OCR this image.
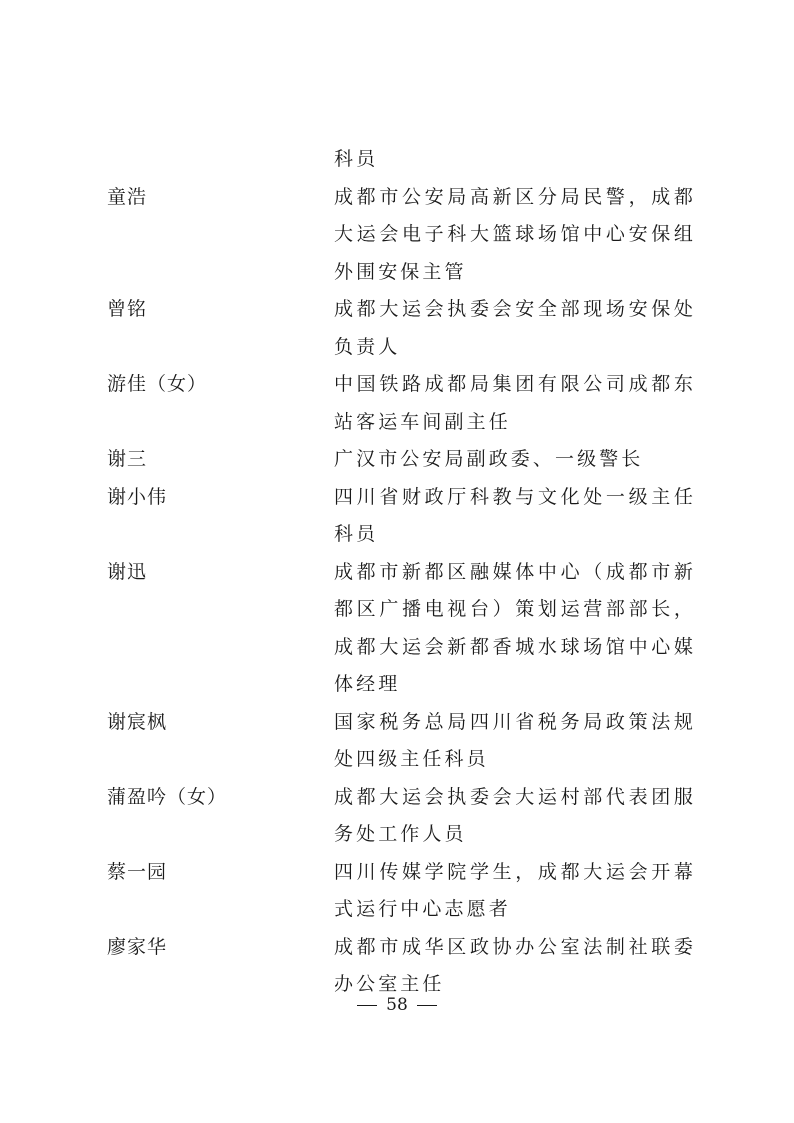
科员
童浩	成都市公安局高新区分局民警，成都大运会电子科大篮球场馆中心安保组外围安保主管
曾铭	成都大运会执委会安全部现场安保处负责人
游佳（女）	中国铁路成都局集团有限公司成都东站客运车间副主任
谢三	广汉市公安局副政委、一级警长
谢小伟	四川省财政厅科教与文化处一级主任科员
谢迅	成都市新都区融媒体中心（成都市新都区广播电视台）策划运营部部长，成都大运会新都香城水球场馆中心媒体经理
谢宸枫	国家税务总局四川省税务局政策法规处四级主任科员
蒲盈吟（女）	成都大运会执委会大运村部代表团服务处工作人员
蔡一园	四川传媒学院学生，成都大运会开幕式运行中心志愿者
廖家华	成都市成华区政协办公室法制社联委办公室主任
58
